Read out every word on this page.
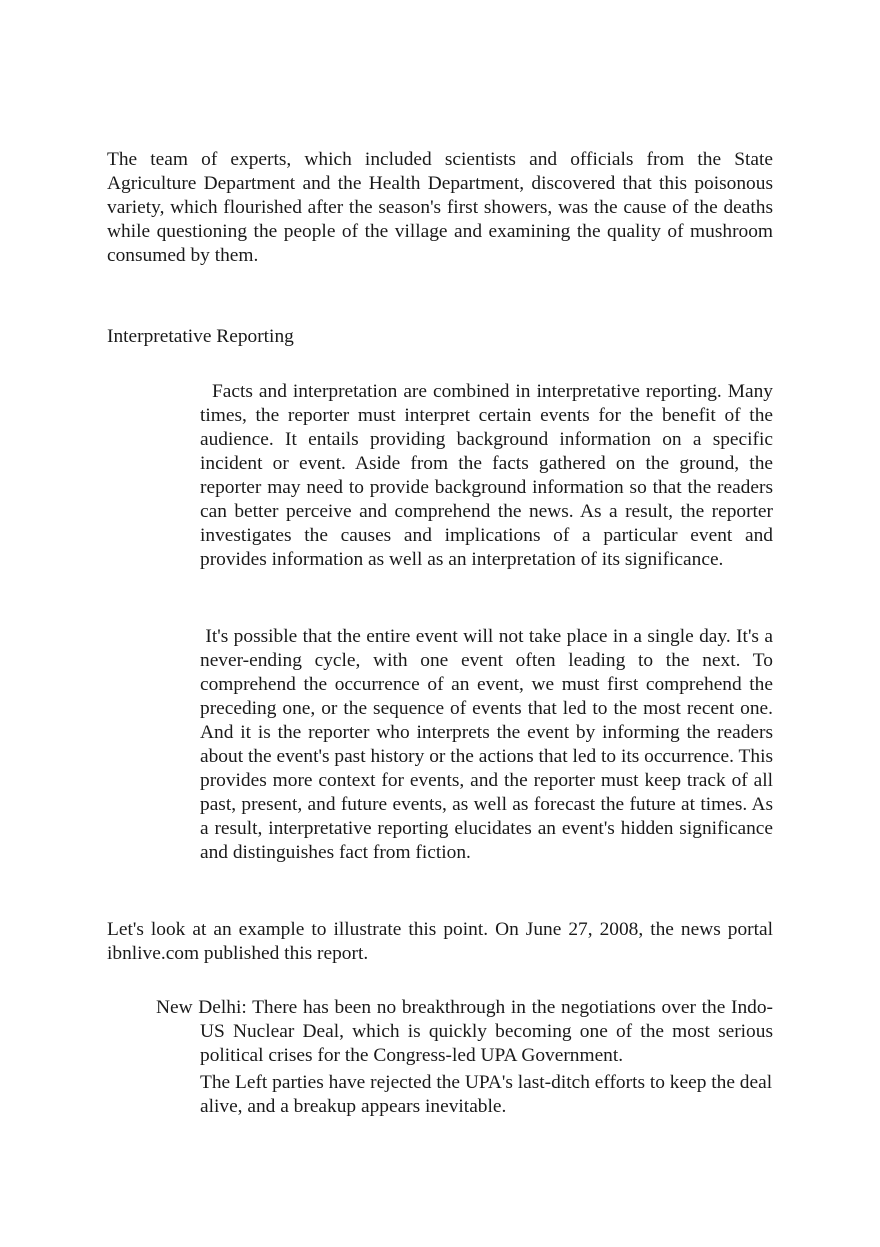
The team of experts, which included scientists and officials from the State Agriculture Department and the Health Department, discovered that this poisonous variety, which flourished after the season's first showers, was the cause of the deaths while questioning the people of the village and examining the quality of mushroom consumed by them.

Interpretative Reporting

Facts and interpretation are combined in interpretative reporting. Many times, the reporter must interpret certain events for the benefit of the audience. It entails providing background information on a specific incident or event. Aside from the facts gathered on the ground, the reporter may need to provide background information so that the readers can better perceive and comprehend the news. As a result, the reporter investigates the causes and implications of a particular event and provides information as well as an interpretation of its significance.

It's possible that the entire event will not take place in a single day. It's a never-ending cycle, with one event often leading to the next. To comprehend the occurrence of an event, we must first comprehend the preceding one, or the sequence of events that led to the most recent one. And it is the reporter who interprets the event by informing the readers about the event's past history or the actions that led to its occurrence. This provides more context for events, and the reporter must keep track of all past, present, and future events, as well as forecast the future at times. As a result, interpretative reporting elucidates an event's hidden significance and distinguishes fact from fiction.

Let's look at an example to illustrate this point. On June 27, 2008, the news portal ibnlive.com published this report.

New Delhi: There has been no breakthrough in the negotiations over the Indo-US Nuclear Deal, which is quickly becoming one of the most serious political crises for the Congress-led UPA Government.

The Left parties have rejected the UPA's last-ditch efforts to keep the deal alive, and a breakup appears inevitable.
